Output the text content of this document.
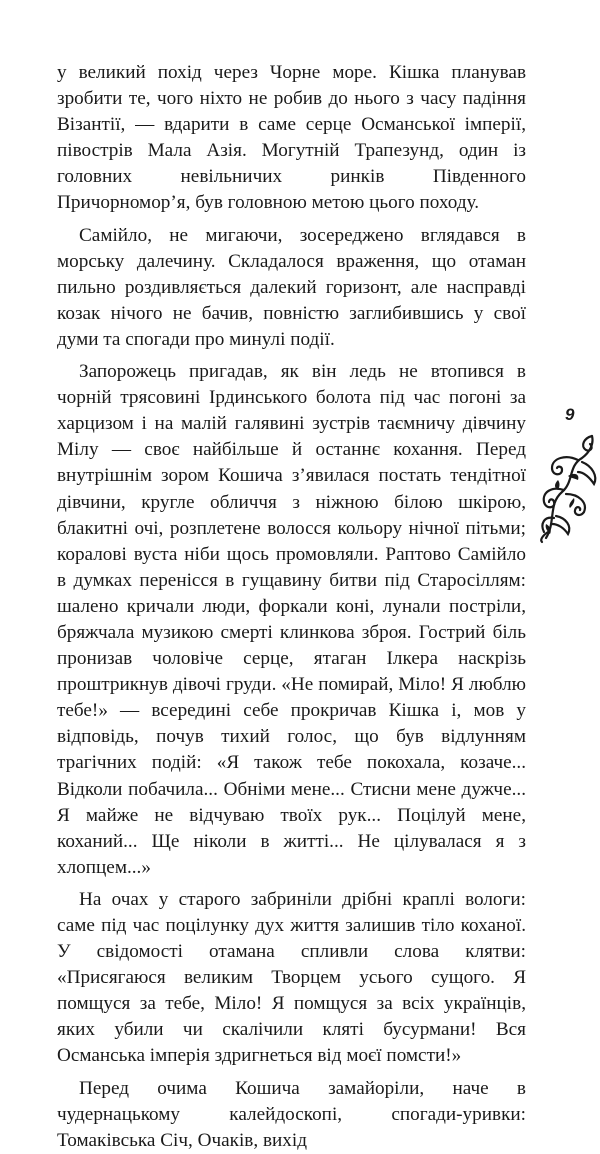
у великий похід через Чорне море. Кішка планував зробити те, чого ніхто не робив до нього з часу падіння Візантії, — вдарити в саме серце Османської імперії, півострів Мала Азія. Могутній Трапезунд, один із головних невільничих ринків Південного Причорномор’я, був головною метою цього походу.

Самійло, не мигаючи, зосереджено вглядався в морську далечину. Складалося враження, що отаман пильно роздивляється далекий горизонт, але насправді козак нічого не бачив, повністю заглибившись у свої думи та спогади про минулі події.

Запорожець пригадав, як він ледь не втопився в чорній трясовині Ірдинського болота під час погоні за харцизом і на малій галявині зустрів таємничу дівчину Мілу — своє найбільше й останнє кохання. Перед внутрішнім зором Кошича з’явилася постать тендітної дівчини, кругле обличчя з ніжною білою шкірою, блакитні очі, розплетене волосся кольору нічної пітьми; коралові вуста ніби щось промовляли. Раптово Самійло в думках перенісся в гущавину битви під Старосіллям: шалено кричали люди, форкали коні, лунали постріли, бряжчала музикою смерті клинкова зброя. Гострий біль пронизав чоловіче серце, ятаган Ілкера наскрізь проштрикнув дівочі груди. «Не помирай, Міло! Я люблю тебе!» — всередині себе прокричав Кішка і, мов у відповідь, почув тихий голос, що був відлунням трагічних подій: «Я також тебе покохала, козаче... Відколи побачила... Обніми мене... Стисни мене дужче... Я майже не відчуваю твоїх рук... Поцілуй мене, коханий... Ще ніколи в житті... Не цілувалася я з хлопцем...»

На очах у старого забриніли дрібні краплі вологи: саме під час поцілунку дух життя залишив тіло коханої. У свідомості отамана спливли слова клятви: «Присягаюся великим Творцем усього сущого. Я помщуся за тебе, Міло! Я помщуся за всіх українців, яких убили чи скалічили кляті бусурмани! Вся Османська імперія здригнеться від моєї помсти!»

Перед очима Кошича замайоріли, наче в чудернацькому калейдоскопі, спогади-уривки: Томаківська Січ, Очаків, вихід

9
